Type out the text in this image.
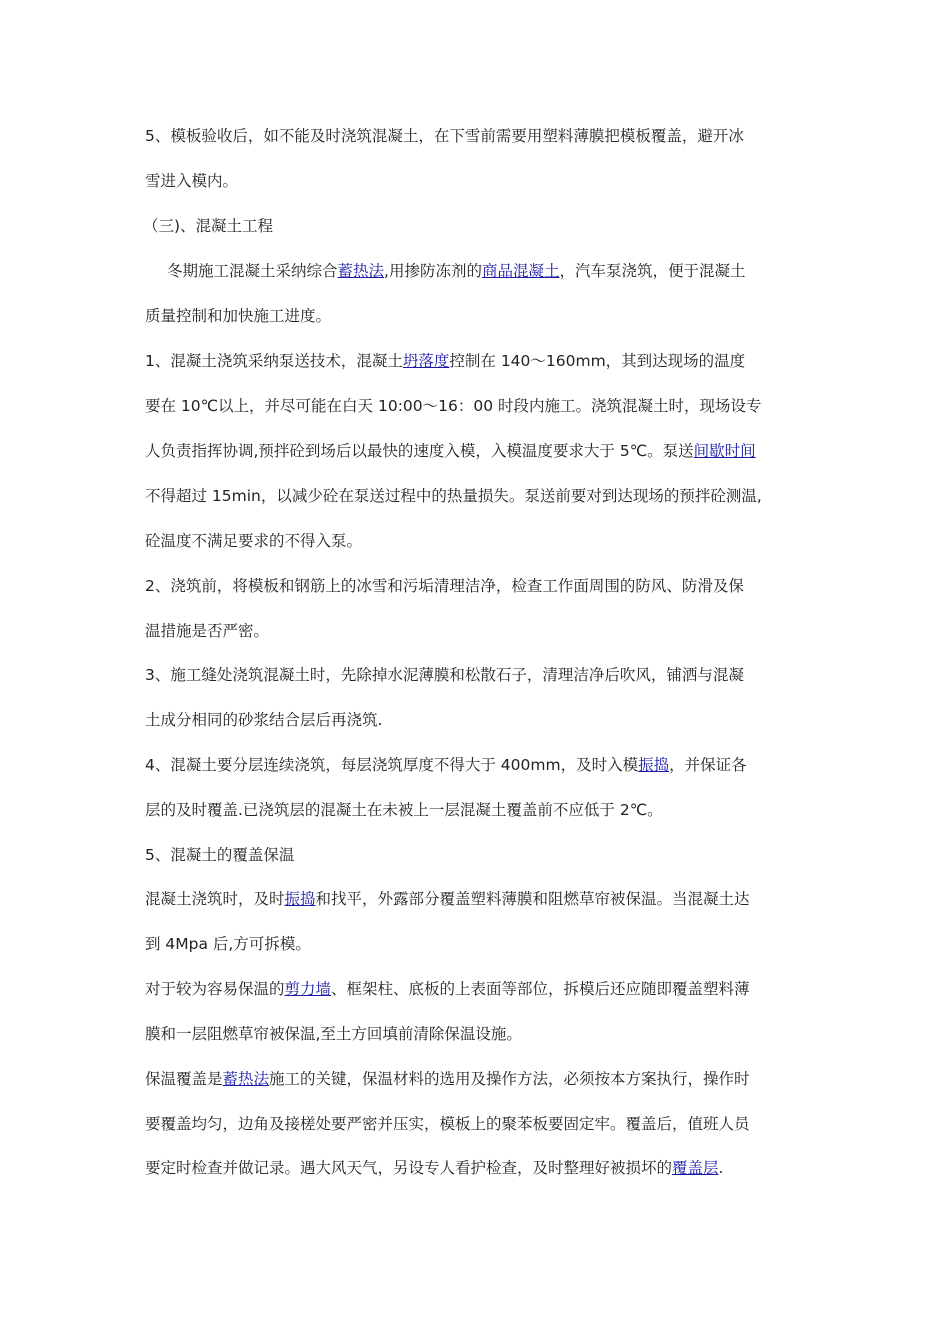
5、模板验收后，如不能及时浇筑混凝土，在下雪前需要用塑料薄膜把模板覆盖，避开冰
雪进入模内。
（三)、混凝土工程
冬期施工混凝土采纳综合蓄热法,用掺防冻剂的商品混凝土，汽车泵浇筑，便于混凝土
质量控制和加快施工进度。
1、混凝土浇筑采纳泵送技术，混凝土坍落度控制在 140～160mm，其到达现场的温度
要在 10℃以上，并尽可能在白天 10:00～16：00 时段内施工。浇筑混凝土时，现场设专
人负责指挥协调,预拌砼到场后以最快的速度入模，入模温度要求大于 5℃。泵送间歇时间
不得超过 15min，以减少砼在泵送过程中的热量损失。泵送前要对到达现场的预拌砼测温,
砼温度不满足要求的不得入泵。
2、浇筑前，将模板和钢筋上的冰雪和污垢清理洁净，检查工作面周围的防风、防滑及保
温措施是否严密。
3、施工缝处浇筑混凝土时，先除掉水泥薄膜和松散石子，清理洁净后吹风，铺洒与混凝
土成分相同的砂浆结合层后再浇筑.
4、混凝土要分层连续浇筑，每层浇筑厚度不得大于 400mm，及时入模振捣，并保证各
层的及时覆盖.已浇筑层的混凝土在未被上一层混凝土覆盖前不应低于 2℃。
5、混凝土的覆盖保温
混凝土浇筑时，及时振捣和找平，外露部分覆盖塑料薄膜和阻燃草帘被保温。当混凝土达
到 4Mpa 后,方可拆模。
对于较为容易保温的剪力墙、框架柱、底板的上表面等部位，拆模后还应随即覆盖塑料薄
膜和一层阻燃草帘被保温,至土方回填前清除保温设施。
保温覆盖是蓄热法施工的关键，保温材料的选用及操作方法，必须按本方案执行，操作时
要覆盖均匀，边角及接槎处要严密并压实，模板上的聚苯板要固定牢。覆盖后，值班人员
要定时检查并做记录。遇大风天气，另设专人看护检查，及时整理好被损坏的覆盖层.
